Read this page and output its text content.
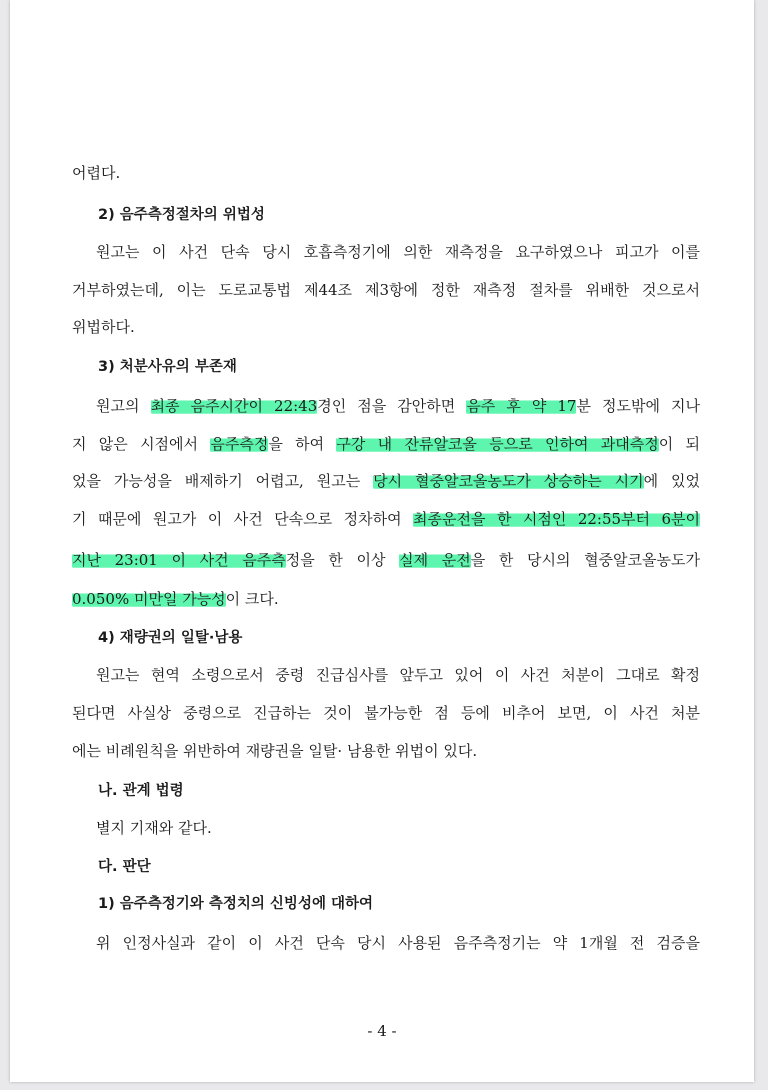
어렵다.
2) 음주측정절차의 위법성
원고는 이 사건 단속 당시 호흡측정기에 의한 재측정을 요구하였으나 피고가 이를
거부하였는데, 이는 도로교통법 제44조 제3항에 정한 재측정 절차를 위배한 것으로서
위법하다.
3) 처분사유의 부존재
원고의 최종 음주시간이 22:43경인 점을 감안하면 음주 후 약 17분 정도밖에 지나
지 않은 시점에서 음주측정을 하여 구강 내 잔류알코올 등으로 인하여 과대측정이 되
었을 가능성을 배제하기 어렵고, 원고는 당시 혈중알코올농도가 상승하는 시기에 있었
기 때문에 원고가 이 사건 단속으로 정차하여 최종운전을 한 시점인 22:55부터 6분이
지난 23:01 이 사건 음주측정을 한 이상 실제 운전을 한 당시의 혈중알코올농도가
0.050% 미만일 가능성이 크다.
4) 재량권의 일탈·남용
원고는 현역 소령으로서 중령 진급심사를 앞두고 있어 이 사건 처분이 그대로 확정
된다면 사실상 중령으로 진급하는 것이 불가능한 점 등에 비추어 보면, 이 사건 처분
에는 비례원칙을 위반하여 재량권을 일탈· 남용한 위법이 있다.
나. 관계 법령
별지 기재와 같다.
다. 판단
1) 음주측정기와 측정치의 신빙성에 대하여
위 인정사실과 같이 이 사건 단속 당시 사용된 음주측정기는 약 1개월 전 검증을
- 4 -
